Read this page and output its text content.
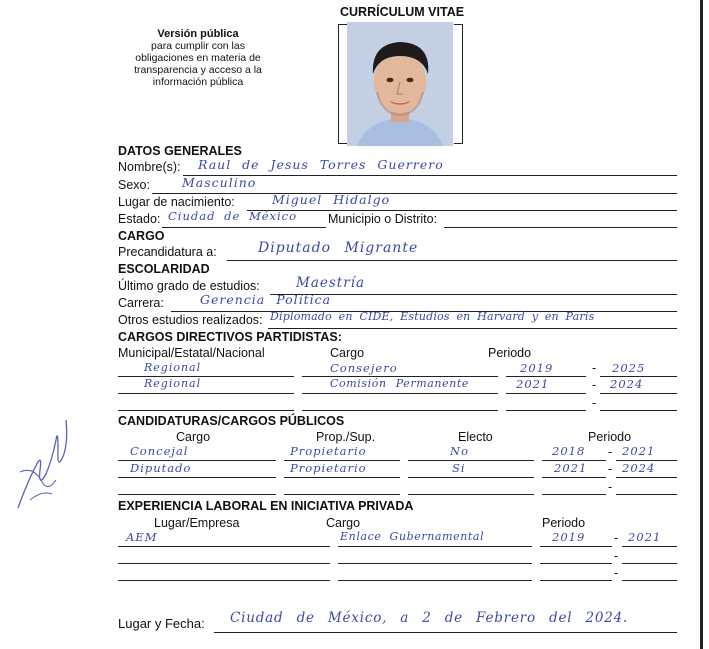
CURRÍCULUM VITAE
Versión pública
para cumplir con las
obligaciones en materia de
transparencia y acceso a la
información pública
DATOS GENERALES
Nombre(s): Raul de Jesus Torres Guerrero
Sexo:	Masculino
Lugar de nacimiento:	Miguel Hidalgo
Estado: Ciudad de México Municipio o Distrito:
CARGO
Precandidatura a:	Diputado Migrante
ESCOLARIDAD
Último grado de estudios:	Maestría
Carrera:	Gerencia Política
Otros estudios realizados: Diplomado en CIDE, Estudios en Harvard y en Paris
CARGOS DIRECTIVOS PARTIDISTAS:
Municipal/Estatal/Nacional	Cargo	Periodo
Regional	Consejero	2019	- 2025
Regional	Comisión Permanente	2021	- 2024
-
CANDIDATURAS/CARGOS PÚBLICOS
Cargo	Prop./Sup.	Electo	Periodo
Concejal	Propietario	No	2018 - 2021
Diputado	Propietario	Si	2021 - 2024
-
EXPERIENCIA LABORAL EN INICIATIVA PRIVADA
Lugar/Empresa	Cargo	Periodo
AEM	Enlace Gubernamental	2019 - 2021
-
-
Lugar y Fecha: Ciudad de México, a 2 de Febrero del 2024.
